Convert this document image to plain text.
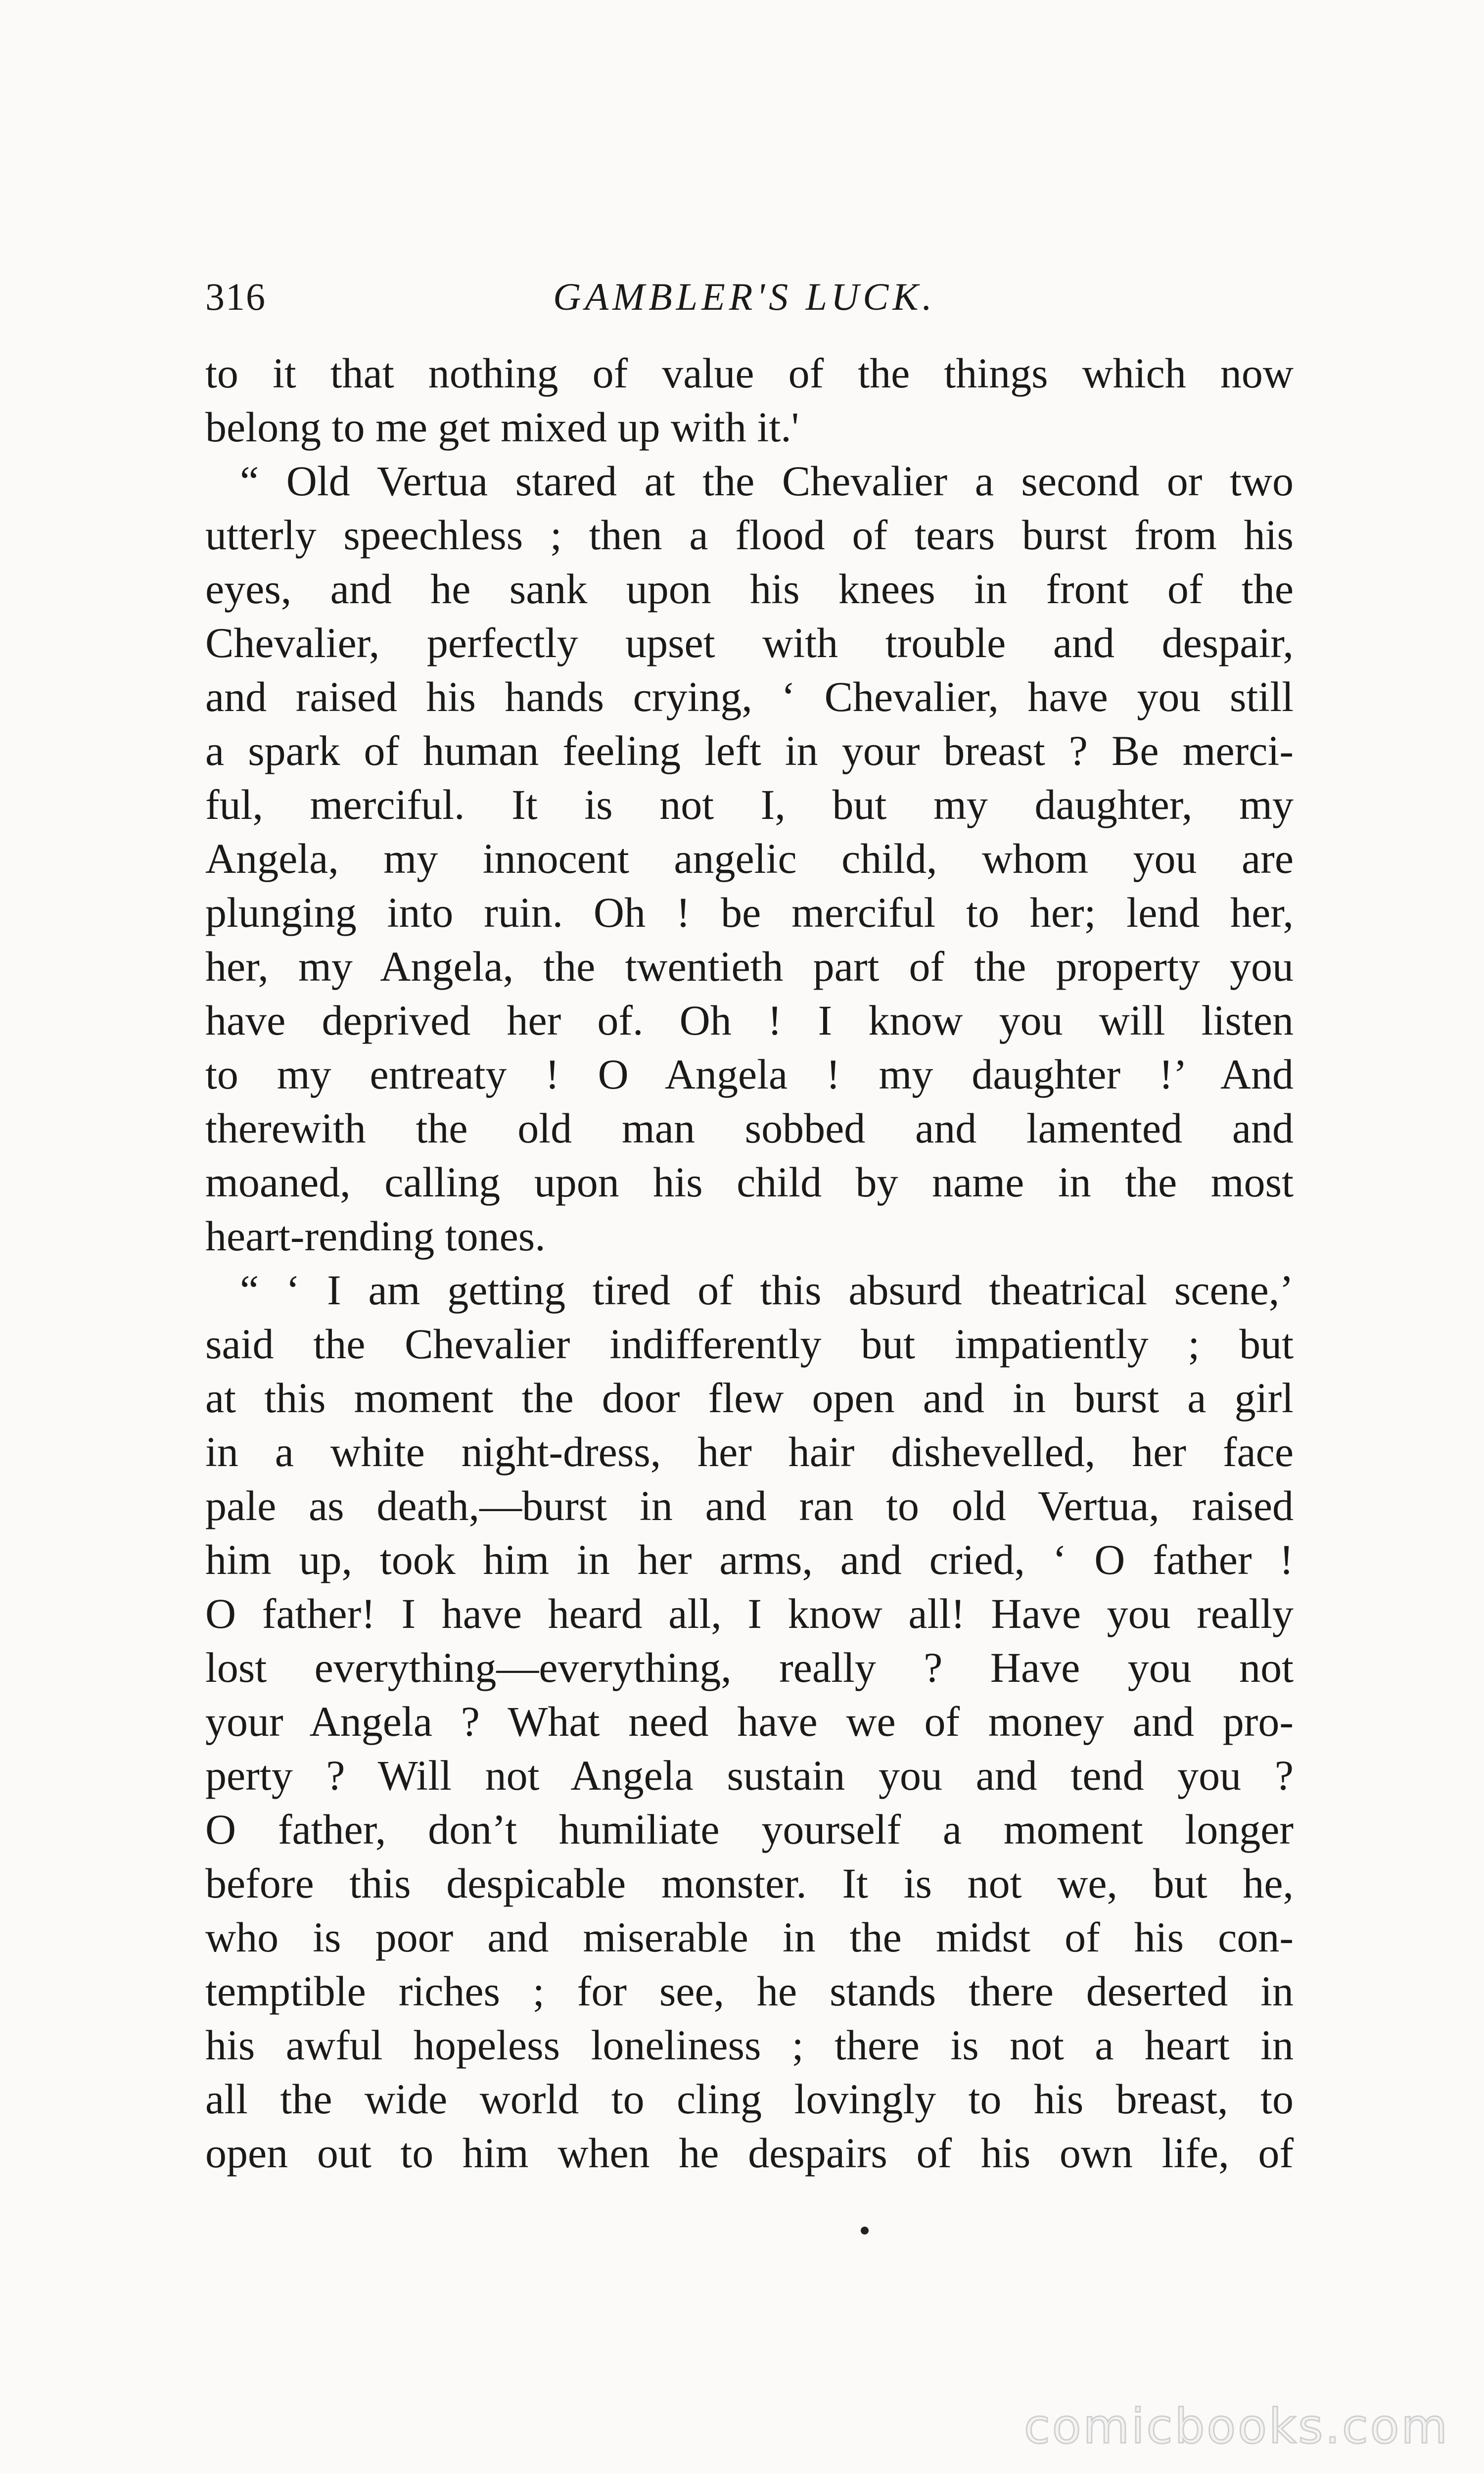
316	GAMBLER'S LUCK.
to it that nothing of value of the things which now
belong to me get mixed up with it.'
“ Old Vertua stared at the Chevalier a second or two
utterly speechless ; then a flood of tears burst from his
eyes, and he sank upon his knees in front of the
Chevalier, perfectly upset with trouble and despair,
and raised his hands crying, ‘ Chevalier, have you still
a spark of human feeling left in your breast ? Be merci-
ful, merciful. It is not I, but my daughter, my
Angela, my innocent angelic child, whom you are
plunging into ruin. Oh ! be merciful to her; lend her,
her, my Angela, the twentieth part of the property you
have deprived her of. Oh ! I know you will listen
to my entreaty ! O Angela ! my daughter !’ And
therewith the old man sobbed and lamented and
moaned, calling upon his child by name in the most
heart-rending tones.
“ ‘ I am getting tired of this absurd theatrical scene,’
said the Chevalier indifferently but impatiently ; but
at this moment the door flew open and in burst a girl
in a white night-dress, her hair dishevelled, her face
pale as death,—burst in and ran to old Vertua, raised
him up, took him in her arms, and cried, ‘ O father !
O father! I have heard all, I know all! Have you really
lost everything—everything, really ? Have you not
your Angela ? What need have we of money and pro-
perty ? Will not Angela sustain you and tend you ?
O father, don’t humiliate yourself a moment longer
before this despicable monster. It is not we, but he,
who is poor and miserable in the midst of his con-
temptible riches ; for see, he stands there deserted in
his awful hopeless loneliness ; there is not a heart in
all the wide world to cling lovingly to his breast, to
open out to him when he despairs of his own life, of
comicbooks.com
